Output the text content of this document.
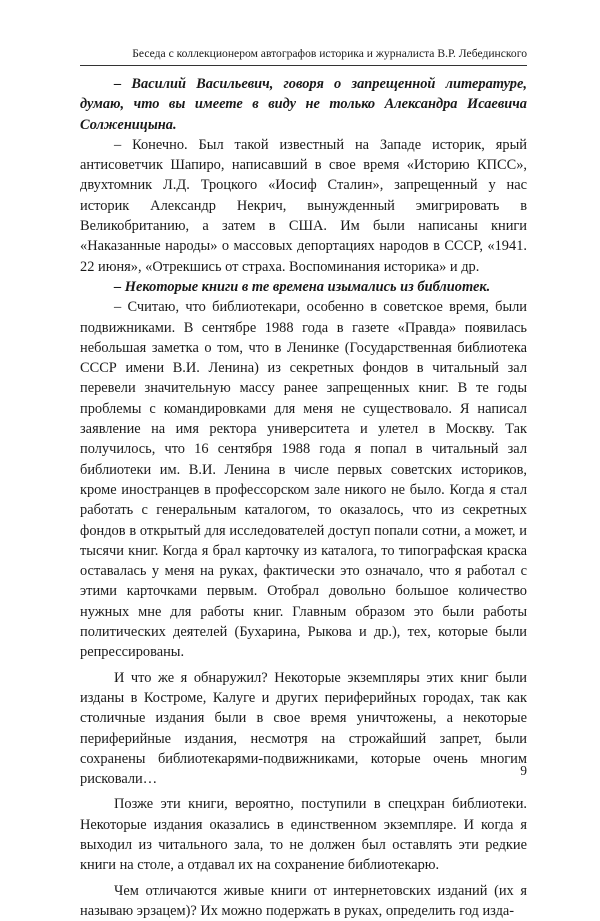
Беседа с коллекционером автографов историка и журналиста В.Р. Лебединского

– Василий Васильевич, говоря о запрещенной литературе, думаю, что вы имеете в виду не только Александра Исаевича Солженицына.

– Конечно. Был такой известный на Западе историк, ярый антисоветчик Шапиро, написавший в свое время «Историю КПСС», двухтомник Л.Д. Троцкого «Иосиф Сталин», запрещенный у нас историк Александр Некрич, вынужденный эмигрировать в Великобританию, а затем в США. Им были написаны книги «Наказанные народы» о массовых депортациях народов в СССР, «1941. 22 июня», «Отрекшись от страха. Воспоминания историка» и др.

– Некоторые книги в те времена изымались из библиотек.

– Считаю, что библиотекари, особенно в советское время, были подвижниками. В сентябре 1988 года в газете «Правда» появилась небольшая заметка о том, что в Ленинке (Государственная библиотека СССР имени В.И. Ленина) из секретных фондов в читальный зал перевели значительную массу ранее запрещенных книг. В те годы проблемы с командировками для меня не существовало. Я написал заявление на имя ректора университета и улетел в Москву. Так получилось, что 16 сентября 1988 года я попал в читальный зал библиотеки им. В.И. Ленина в числе первых советских историков, кроме иностранцев в профессорском зале никого не было. Когда я стал работать с генеральным каталогом, то оказалось, что из секретных фондов в открытый для исследователей доступ попали сотни, а может, и тысячи книг. Когда я брал карточку из каталога, то типографская краска оставалась у меня на руках, фактически это означало, что я работал с этими карточками первым. Отобрал довольно большое количество нужных мне для работы книг. Главным образом это были работы политических деятелей (Бухарина, Рыкова и др.), тех, которые были репрессированы.

И что же я обнаружил? Некоторые экземпляры этих книг были изданы в Костроме, Калуге и других периферийных городах, так как столичные издания были в свое время уничтожены, а некоторые периферийные издания, несмотря на строжайший запрет, были сохранены библиотекарями-подвижниками, которые очень многим рисковали…

Позже эти книги, вероятно, поступили в спецхран библиотеки. Некоторые издания оказались в единственном экземпляре. И когда я выходил из читального зала, то не должен был оставлять эти редкие книги на столе, а отдавал их на сохранение библиотекарю.

Чем отличаются живые книги от интернетовских изданий (их я называю эрзацем)? Их можно подержать в руках, определить год изда-

9
